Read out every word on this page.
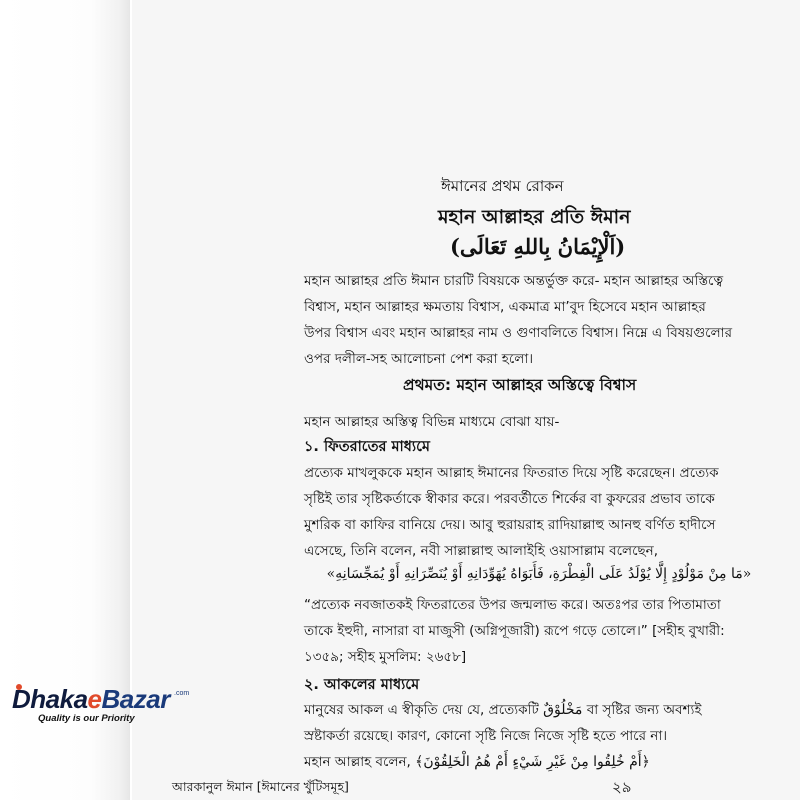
ঈমানের প্রথম রোকন
মহান আল্লাহর প্রতি ঈমান
(اَلْإِيْمَانُ بِاللهِ تَعَالَى)
মহান আল্লাহর প্রতি ঈমান চারটি বিষয়কে অন্তর্ভুক্ত করে- মহান আল্লাহর অস্তিত্বে
বিশ্বাস, মহান আল্লাহর ক্ষমতায় বিশ্বাস, একমাত্র মা’বুদ হিসেবে মহান আল্লাহর
উপর বিশ্বাস এবং মহান আল্লাহর নাম ও গুণাবলিতে বিশ্বাস। নিম্নে এ বিষয়গুলোর
ওপর দলীল-সহ আলোচনা পেশ করা হলো।
প্রথমত: মহান আল্লাহর অস্তিত্বে বিশ্বাস
মহান আল্লাহর অস্তিত্ব বিভিন্ন মাধ্যমে বোঝা যায়-
১. ফিতরাতের মাধ্যমে
প্রত্যেক মাখলুককে মহান আল্লাহ ঈমানের ফিতরাত দিয়ে সৃষ্টি করেছেন। প্রত্যেক
সৃষ্টিই তার সৃষ্টিকর্তাকে স্বীকার করে। পরবর্তীতে শির্কের বা কুফরের প্রভাব তাকে
মুশরিক বা কাফির বানিয়ে দেয়। আবু হুরায়রাহ রাদিয়াল্লাহু আনহু বর্ণিত হাদীসে
এসেছে, তিনি বলেন, নবী সাল্লাল্লাহু আলাইহি ওয়াসাল্লাম বলেছেন,
«مَا مِنْ مَوْلُوْدٍ إِلَّا يُوْلَدُ عَلَى الْفِطْرَةِ، فَأَبَوَاهُ يُهَوِّدَانِهِ أَوْ يُنَصِّرَانِهِ أَوْ يُمَجِّسَانِهِ»
“প্রত্যেক নবজাতকই ফিতরাতের উপর জন্মলাভ করে। অতঃপর তার পিতামাতা
তাকে ইহুদী, নাসারা বা মাজুসী (অগ্নিপূজারী) রূপে গড়ে তোলে।” [সহীহ বুখারী:
১৩৫৯; সহীহ মুসলিম: ২৬৫৮]
২. আকলের মাধ্যমে
মানুষের আকল এ স্বীকৃতি দেয় যে, প্রত্যেকটি مَخْلُوْقٌ বা সৃষ্টির জন্য অবশ্যই
স্রষ্টাকর্তা রয়েছে। কারণ, কোনো সৃষ্টি নিজে নিজে সৃষ্টি হতে পারে না।
মহান আল্লাহ বলেন, ﴿أَمْ خُلِقُوا مِنْ غَيْرِ شَيْءٍ أَمْ هُمُ الْخَلِقُوْنَ﴾
আরকানুল ঈমান [ঈমানের খুঁটিসমূহ]	২৯
DhakaeBazar .com
Quality is our Priority
